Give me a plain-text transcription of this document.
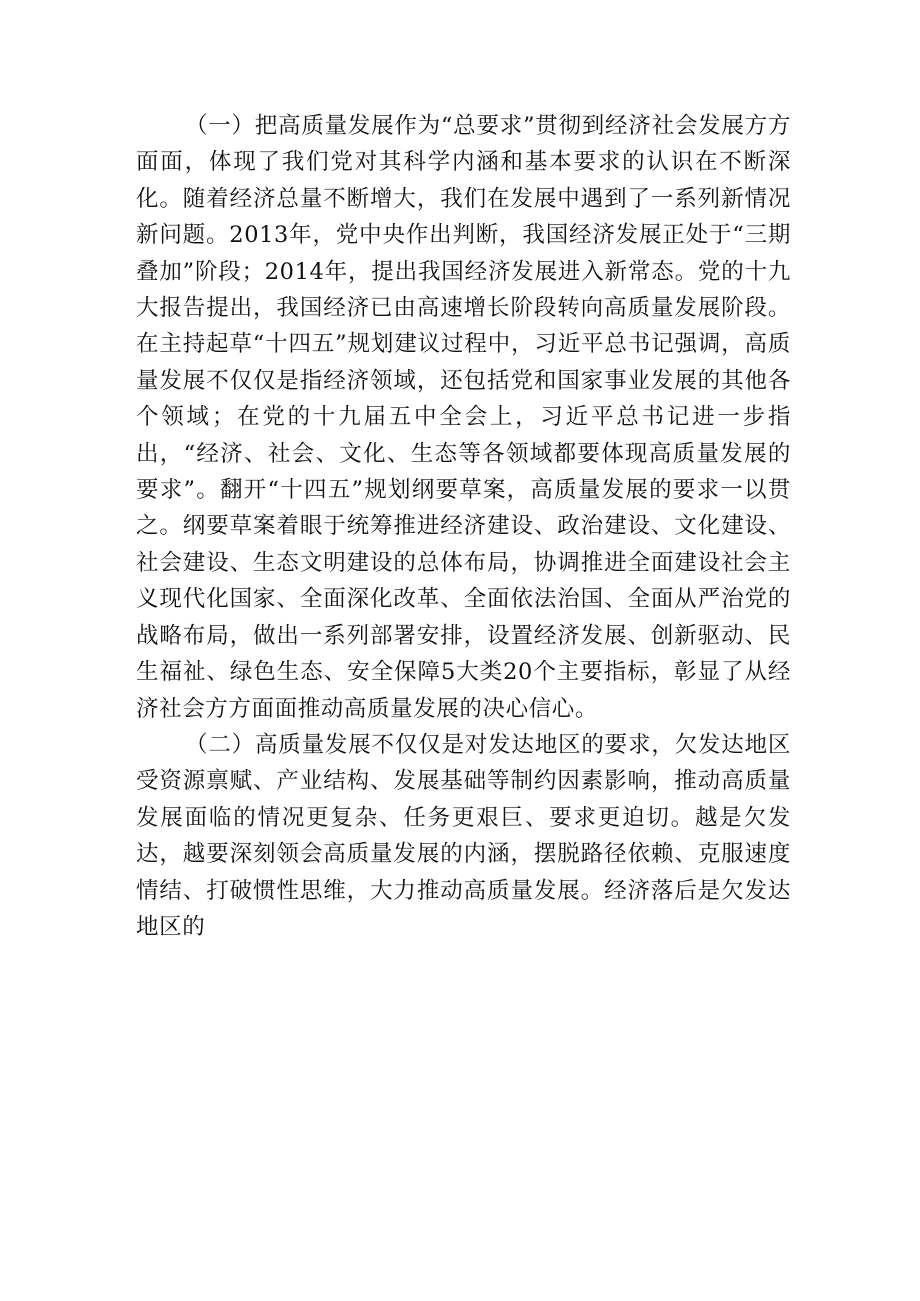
（一）把高质量发展作为“总要求”贯彻到经济社会发展方方面面，体现了我们党对其科学内涵和基本要求的认识在不断深化。随着经济总量不断增大，我们在发展中遇到了一系列新情况新问题。2013年，党中央作出判断，我国经济发展正处于“三期叠加”阶段；2014年，提出我国经济发展进入新常态。党的十九大报告提出，我国经济已由高速增长阶段转向高质量发展阶段。在主持起草“十四五”规划建议过程中，习近平总书记强调，高质量发展不仅仅是指经济领域，还包括党和国家事业发展的其他各个领域；在党的十九届五中全会上，习近平总书记进一步指出，“经济、社会、文化、生态等各领域都要体现高质量发展的要求”。翻开“十四五”规划纲要草案，高质量发展的要求一以贯之。纲要草案着眼于统筹推进经济建设、政治建设、文化建设、社会建设、生态文明建设的总体布局，协调推进全面建设社会主义现代化国家、全面深化改革、全面依法治国、全面从严治党的战略布局，做出一系列部署安排，设置经济发展、创新驱动、民生福祉、绿色生态、安全保障5大类20个主要指标，彰显了从经济社会方方面面推动高质量发展的决心信心。

（二）高质量发展不仅仅是对发达地区的要求，欠发达地区受资源禀赋、产业结构、发展基础等制约因素影响，推动高质量发展面临的情况更复杂、任务更艰巨、要求更迫切。越是欠发达，越要深刻领会高质量发展的内涵，摆脱路径依赖、克服速度情结、打破惯性思维，大力推动高质量发展。经济落后是欠发达地区的
